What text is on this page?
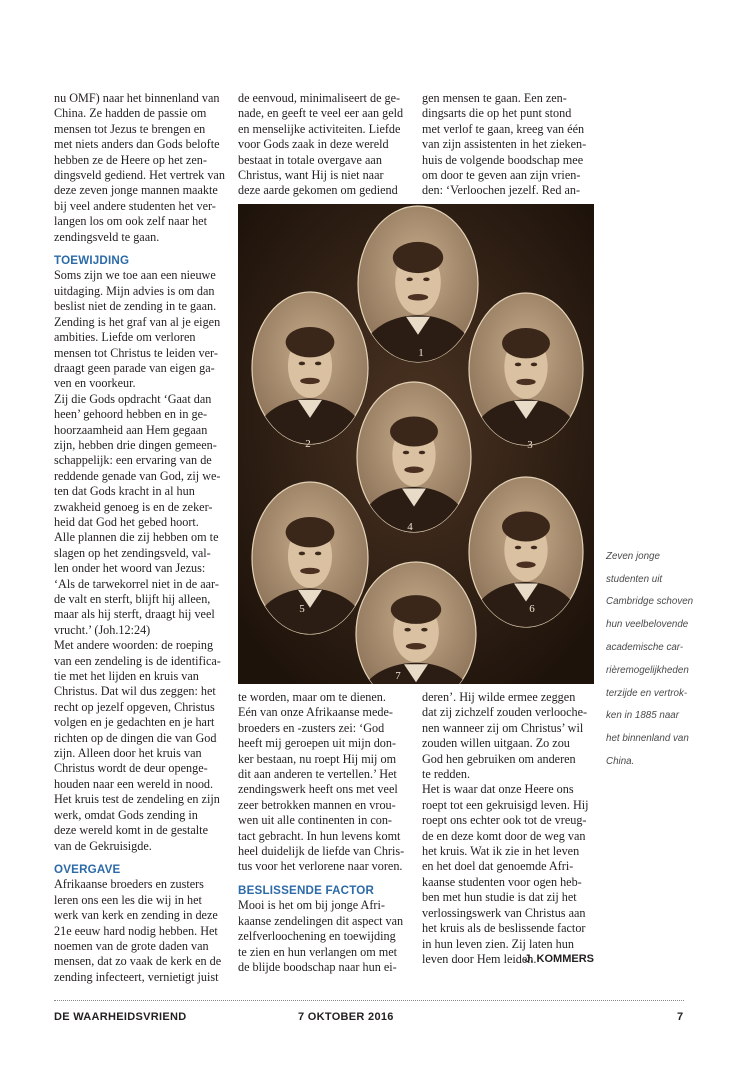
nu OMF) naar het binnenland van

China. Ze hadden de passie om

mensen tot Jezus te brengen en

met niets anders dan Gods belofte

hebben ze de Heere op het zen-

dingsveld gediend. Het vertrek van

deze zeven jonge mannen maakte

bij veel andere studenten het ver-

langen los om ook zelf naar het

zendingsveld te gaan.

TOEWIJDING

Soms zijn we toe aan een nieuwe

uitdaging. Mijn advies is om dan

beslist niet de zending in te gaan.

Zending is het graf van al je eigen

ambities. Liefde om verloren

mensen tot Christus te leiden ver-

draagt geen parade van eigen ga-

ven en voorkeur.

Zij die Gods opdracht ‘Gaat dan

heen’ gehoord hebben en in ge-

hoorzaamheid aan Hem gegaan

zijn, hebben drie dingen gemeen-

schappelijk: een ervaring van de

reddende genade van God, zij we-

ten dat Gods kracht in al hun

zwakheid genoeg is en de zeker-

heid dat God het gebed hoort.

Alle plannen die zij hebben om te

slagen op het zendingsveld, val-

len onder het woord van Jezus:

‘Als de tarwekorrel niet in de aar-

de valt en sterft, blijft hij alleen,

maar als hij sterft, draagt hij veel

vrucht.’ (Joh.12:24)

Met andere woorden: de roeping

van een zendeling is de identifica-

tie met het lijden en kruis van

Christus. Dat wil dus zeggen: het

recht op jezelf opgeven, Christus

volgen en je gedachten en je hart

richten op de dingen die van God

zijn. Alleen door het kruis van

Christus wordt de deur openge-

houden naar een wereld in nood.

Het kruis test de zendeling en zijn

werk, omdat Gods zending in

deze wereld komt in de gestalte

van de Gekruisigde.

OVERGAVE

Afrikaanse broeders en zusters

leren ons een les die wij in het

werk van kerk en zending in deze

21e eeuw hard nodig hebben. Het

noemen van de grote daden van

mensen, dat zo vaak de kerk en de

zending infecteert, vernietigt juist

de eenvoud, minimaliseert de ge-

nade, en geeft te veel eer aan geld

en menselijke activiteiten. Liefde

voor Gods zaak in deze wereld

bestaat in totale overgave aan

Christus, want Hij is niet naar

deze aarde gekomen om gediend

te worden, maar om te dienen.

Eén van onze Afrikaanse mede-

broeders en -zusters zei: ‘God

heeft mij geroepen uit mijn don-

ker bestaan, nu roept Hij mij om

dit aan anderen te vertellen.’ Het

zendingswerk heeft ons met veel

zeer betrokken mannen en vrou-

wen uit alle continenten in con-

tact gebracht. In hun levens komt

heel duidelijk de liefde van Chris-

tus voor het verlorene naar voren.

BESLISSENDE FACTOR

Mooi is het om bij jonge Afri-

kaanse zendelingen dit aspect van

zelfverloochening en toewijding

te zien en hun verlangen om met

de blijde boodschap naar hun ei-

gen mensen te gaan. Een zen-

dingsarts die op het punt stond

met verlof te gaan, kreeg van één

van zijn assistenten in het zieken-

huis de volgende boodschap mee

om door te geven aan zijn vrien-

den: ‘Verloochen jezelf. Red an-

deren’. Hij wilde ermee zeggen

dat zij zichzelf zouden verlooche-

nen wanneer zij om Christus’ wil

zouden willen uitgaan. Zo zou

God hen gebruiken om anderen

te redden.

Het is waar dat onze Heere ons

roept tot een gekruisigd leven. Hij

roept ons echter ook tot de vreug-

de en deze komt door de weg van

het kruis. Wat ik zie in het leven

en het doel dat genoemde Afri-

kaanse studenten voor ogen heb-

ben met hun studie is dat zij het

verlossingswerk van Christus aan

het kruis als de beslissende factor

in hun leven zien. Zij laten hun

leven door Hem leiden.

J. KOMMERS
1
2	3
4
5	6
7

Zeven jonge

studenten uit

Cambridge schoven

hun veelbelovende

academische car-

rièremogelijkheden

terzijde en vertrok-

ken in 1885 naar

het binnenland van

China.

DE WAARHEIDSVRIEND	7 OKTOBER 2016	7
